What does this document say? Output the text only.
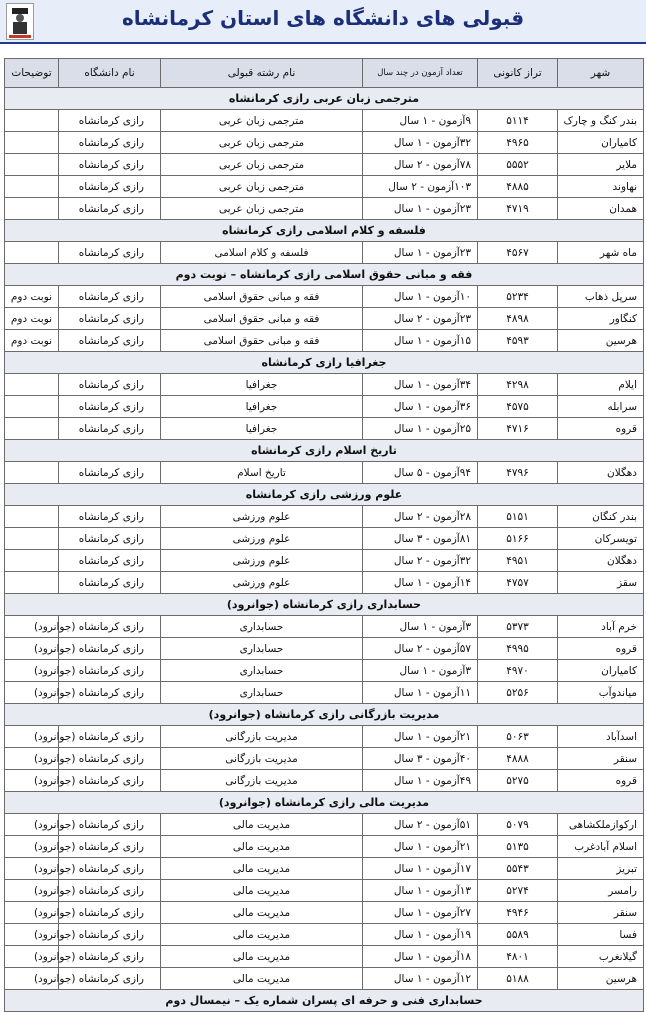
قبولی های دانشگاه های استان کرمانشاه
شهر	تراز کانونی	تعداد آزمون در چند سال	نام رشته قبولی	نام دانشگاه	توضیحات
مترجمی زبان عربی رازی کرمانشاه					
بندر کنگ و چارک	۵۱۱۴	۹آزمون - ۱ سال	مترجمی زبان عربی	رازی کرمانشاه	
کامیاران	۴۹۶۵	۳۲آزمون - ۱ سال	مترجمی زبان عربی	رازی کرمانشاه	
ملایر	۵۵۵۲	۷۸آزمون - ۲ سال	مترجمی زبان عربی	رازی کرمانشاه	
نهاوند	۴۸۸۵	۱۰۳آزمون - ۲ سال	مترجمی زبان عربی	رازی کرمانشاه	
همدان	۴۷۱۹	۲۳آزمون - ۱ سال	مترجمی زبان عربی	رازی کرمانشاه	
فلسفه و کلام اسلامی رازی کرمانشاه					
ماه شهر	۴۵۶۷	۲۳آزمون - ۱ سال	فلسفه و کلام اسلامی	رازی کرمانشاه	
فقه و مبانی حقوق اسلامی رازی کرمانشاه – نوبت دوم					
سرپل ذهاب	۵۲۳۴	۱۰آزمون - ۱ سال	فقه و مبانی حقوق اسلامی	رازی کرمانشاه	نوبت دوم
کنگاور	۴۸۹۸	۲۳آزمون - ۲ سال	فقه و مبانی حقوق اسلامی	رازی کرمانشاه	نوبت دوم
هرسین	۴۵۹۳	۱۵آزمون - ۱ سال	فقه و مبانی حقوق اسلامی	رازی کرمانشاه	نوبت دوم
جغرافیا رازی کرمانشاه					
ایلام	۴۲۹۸	۳۴آزمون - ۱ سال	جغرافیا	رازی کرمانشاه	
سرابله	۴۵۷۵	۳۶آزمون - ۱ سال	جغرافیا	رازی کرمانشاه	
قروه	۴۷۱۶	۲۵آزمون - ۱ سال	جغرافیا	رازی کرمانشاه	
تاریخ اسلام رازی کرمانشاه					
دهگلان	۴۷۹۶	۹۴آزمون - ۵ سال	تاریخ اسلام	رازی کرمانشاه	
علوم ورزشی رازی کرمانشاه					
بندر کنگان	۵۱۵۱	۲۸آزمون - ۲ سال	علوم ورزشی	رازی کرمانشاه	
تویسرکان	۵۱۶۶	۸۱آزمون - ۳ سال	علوم ورزشی	رازی کرمانشاه	
دهگلان	۴۹۵۱	۳۲آزمون - ۲ سال	علوم ورزشی	رازی کرمانشاه	
سقز	۴۷۵۷	۱۴آزمون - ۱ سال	علوم ورزشی	رازی کرمانشاه	
حسابداری رازی کرمانشاه (جوانرود)					
خرم آباد	۵۳۷۳	۳آزمون - ۱ سال	حسابداری	رازی کرمانشاه (جوانرود)	
قروه	۴۹۹۵	۵۷آزمون - ۲ سال	حسابداری	رازی کرمانشاه (جوانرود)	
کامیاران	۴۹۷۰	۳آزمون - ۱ سال	حسابداری	رازی کرمانشاه (جوانرود)	
میاندوآب	۵۲۵۶	۱۱آزمون - ۱ سال	حسابداری	رازی کرمانشاه (جوانرود)	
مدیریت بازرگانی رازی کرمانشاه (جوانرود)					
اسدآباد	۵۰۶۳	۲۱آزمون - ۱ سال	مدیریت بازرگانی	رازی کرمانشاه (جوانرود)	
سنقر	۴۸۸۸	۴۰آزمون - ۳ سال	مدیریت بازرگانی	رازی کرمانشاه (جوانرود)	
قروه	۵۲۷۵	۴۹آزمون - ۱ سال	مدیریت بازرگانی	رازی کرمانشاه (جوانرود)	
مدیریت مالی رازی کرمانشاه (جوانرود)					
ارکوازملکشاهی	۵۰۷۹	۵۱آزمون - ۲ سال	مدیریت مالی	رازی کرمانشاه (جوانرود)	
اسلام آبادغرب	۵۱۳۵	۲۱آزمون - ۱ سال	مدیریت مالی	رازی کرمانشاه (جوانرود)	
تبریز	۵۵۴۳	۱۷آزمون - ۱ سال	مدیریت مالی	رازی کرمانشاه (جوانرود)	
رامسر	۵۲۷۴	۱۳آزمون - ۱ سال	مدیریت مالی	رازی کرمانشاه (جوانرود)	
سنقر	۴۹۴۶	۲۷آزمون - ۱ سال	مدیریت مالی	رازی کرمانشاه (جوانرود)	
فسا	۵۵۸۹	۱۹آزمون - ۱ سال	مدیریت مالی	رازی کرمانشاه (جوانرود)	
گیلانغرب	۴۸۰۱	۱۸آزمون - ۱ سال	مدیریت مالی	رازی کرمانشاه (جوانرود)	
هرسین	۵۱۸۸	۱۲آزمون - ۱ سال	مدیریت مالی	رازی کرمانشاه (جوانرود)	
حسابداری فنی و حرفه ای پسران شماره یک – نیمسال دوم					
